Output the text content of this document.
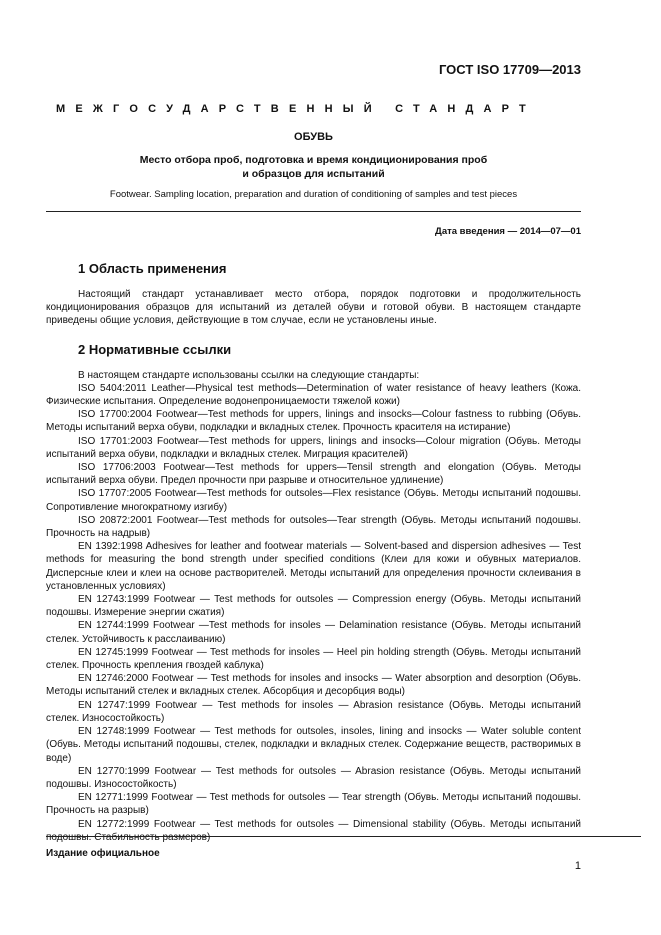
ГОСТ ISO 17709—2013
МЕЖГОСУДАРСТВЕННЫЙ СТАНДАРТ
ОБУВЬ
Место отбора проб, подготовка и время кондиционирования проб
и образцов для испытаний
Footwear. Sampling location, preparation and duration of conditioning of samples and test pieces
Дата введения — 2014—07—01
1 Область применения

Настоящий стандарт устанавливает место отбора, порядок подготовки и продолжительность кондиционирования образцов для испытаний из деталей обуви и готовой обуви. В настоящем стандарте приведены общие условия, действующие в том случае, если не установлены иные.

2 Нормативные ссылки

В настоящем стандарте использованы ссылки на следующие стандарты:

ISO 5404:2011 Leather—Physical test methods—Determination of water resistance of heavy leathers (Кожа. Физические испытания. Определение водонепроницаемости тяжелой кожи)

ISO 17700:2004 Footwear—Test methods for uppers, linings and insocks—Colour fastness to rubbing (Обувь. Методы испытаний верха обуви, подкладки и вкладных стелек. Прочность красителя на истирание)

ISO 17701:2003 Footwear—Test methods for uppers, linings and insocks—Colour migration (Обувь. Методы испытаний верха обуви, подкладки и вкладных стелек. Миграция красителей)

ISO 17706:2003 Footwear—Test methods for uppers—Tensil strength and elongation (Обувь. Методы испытаний верха обуви. Предел прочности при разрыве и относительное удлинение)

ISO 17707:2005 Footwear—Test methods for outsoles—Flex resistance (Обувь. Методы испытаний подошвы. Сопротивление многократному изгибу)

ISO 20872:2001 Footwear—Test methods for outsoles—Tear strength (Обувь. Методы испытаний подошвы. Прочность на надрыв)

EN 1392:1998 Adhesives for leather and footwear materials — Solvent-based and dispersion adhesives — Test methods for measuring the bond strength under specified conditions (Клеи для кожи и обувных материалов. Дисперсные клеи и клеи на основе растворителей. Методы испытаний для определения прочности склеивания в установленных условиях)

EN 12743:1999 Footwear — Test methods for outsoles — Compression energy (Обувь. Методы испытаний подошвы. Измерение энергии сжатия)

EN 12744:1999 Footwear —Test methods for insoles — Delamination resistance (Обувь. Методы испытаний стелек. Устойчивость к расслаиванию)

EN 12745:1999 Footwear — Test methods for insoles — Heel pin holding strength (Обувь. Методы испытаний стелек. Прочность крепления гвоздей каблука)

EN 12746:2000 Footwear — Test methods for insoles and insocks — Water absorption and desorption (Обувь. Методы испытаний стелек и вкладных стелек. Абсорбция и десорбция воды)

EN 12747:1999 Footwear — Test methods for insoles — Abrasion resistance (Обувь. Методы испытаний стелек. Износостойкость)

EN 12748:1999 Footwear — Test methods for outsoles, insoles, lining and insocks — Water soluble content (Обувь. Методы испытаний подошвы, стелек, подкладки и вкладных стелек. Содержание веществ, растворимых в воде)

EN 12770:1999 Footwear — Test methods for outsoles — Abrasion resistance (Обувь. Методы испытаний подошвы. Износостойкость)

EN 12771:1999 Footwear — Test methods for outsoles — Tear strength (Обувь. Методы испытаний подошвы. Прочность на разрыв)

EN 12772:1999 Footwear — Test methods for outsoles — Dimensional stability (Обувь. Методы испытаний подошвы. Стабильность размеров)

Издание официальное
1
